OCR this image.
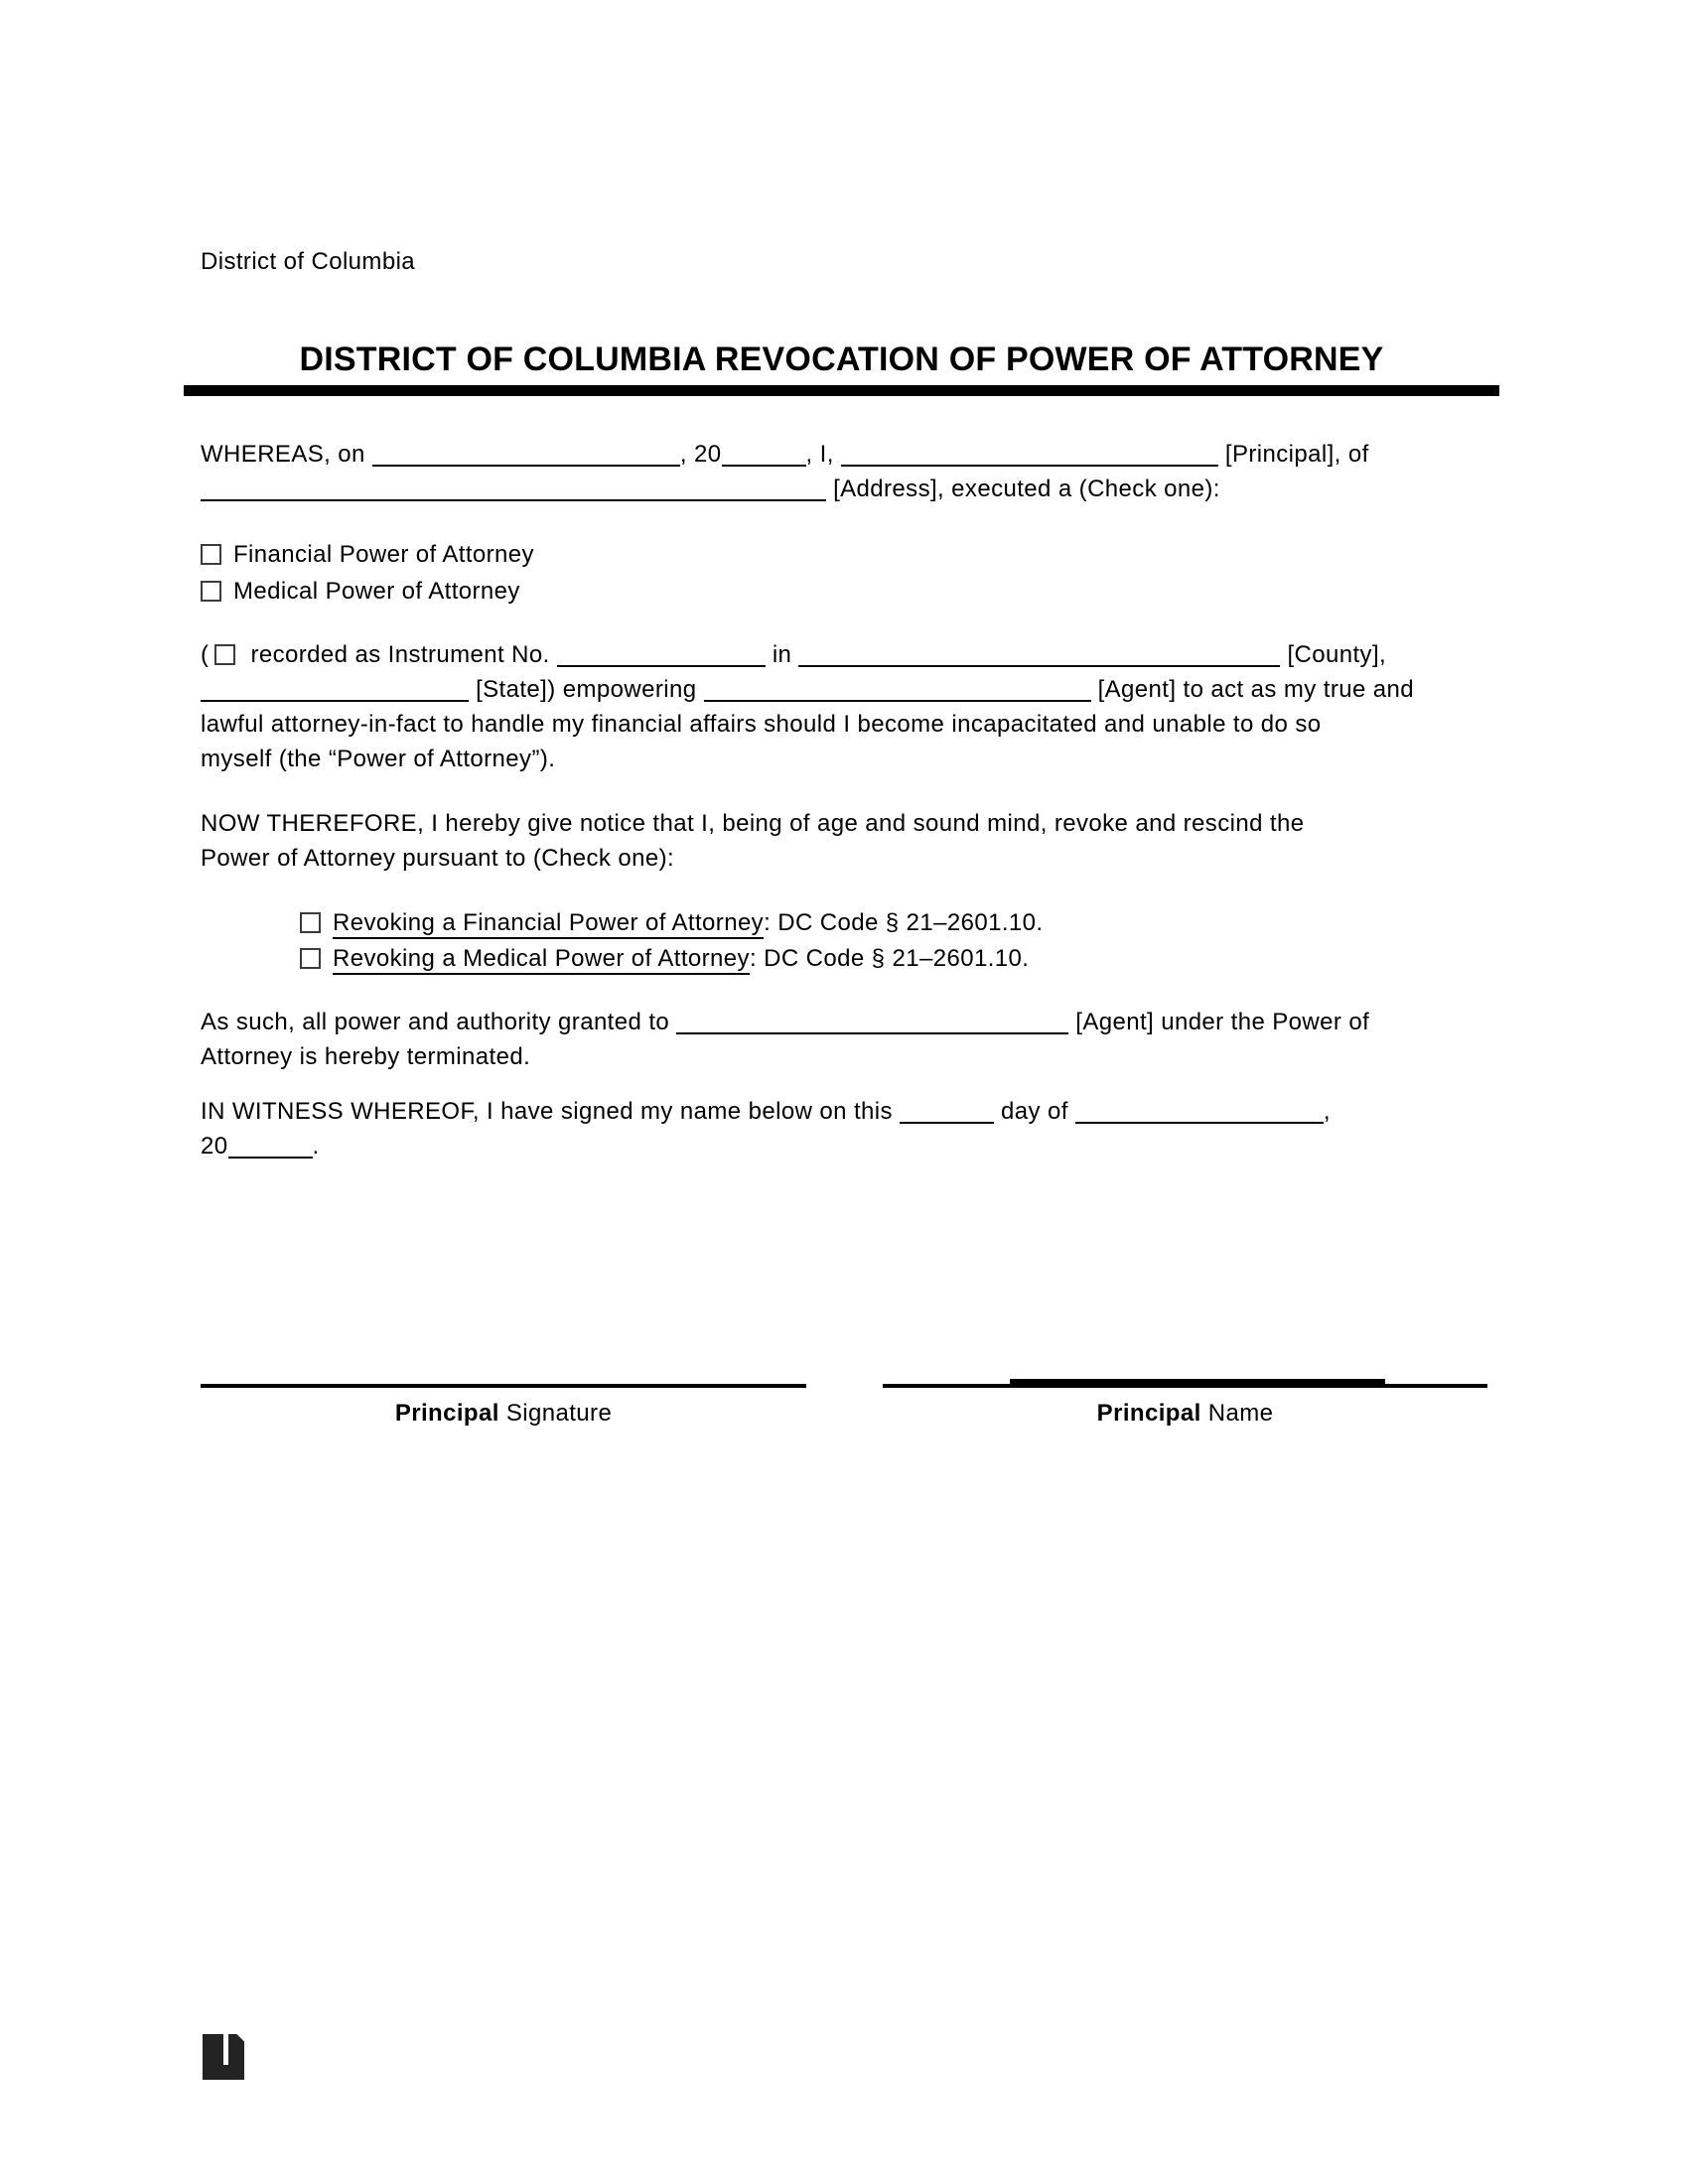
District of Columbia
DISTRICT OF COLUMBIA REVOCATION OF POWER OF ATTORNEY
WHEREAS, on	, 20	, I,	[Principal], of
[Address], executed a (Check one):
Financial Power of Attorney
Medical Power of Attorney
( recorded as Instrument No.	in	[County],
[State]) empowering	[Agent] to act as my true and
lawful attorney-in-fact to handle my financial affairs should I become incapacitated and unable to do so
myself (the “Power of Attorney”).
NOW THEREFORE, I hereby give notice that I, being of age and sound mind, revoke and rescind the
Power of Attorney pursuant to (Check one):
Revoking a Financial Power of Attorney: DC Code § 21–2601.10.
Revoking a Medical Power of Attorney: DC Code § 21–2601.10.
As such, all power and authority granted to	[Agent] under the Power of
Attorney is hereby terminated.
IN WITNESS WHEREOF, I have signed my name below on this	day of	,
20	.
Principal Signature	Principal Name
